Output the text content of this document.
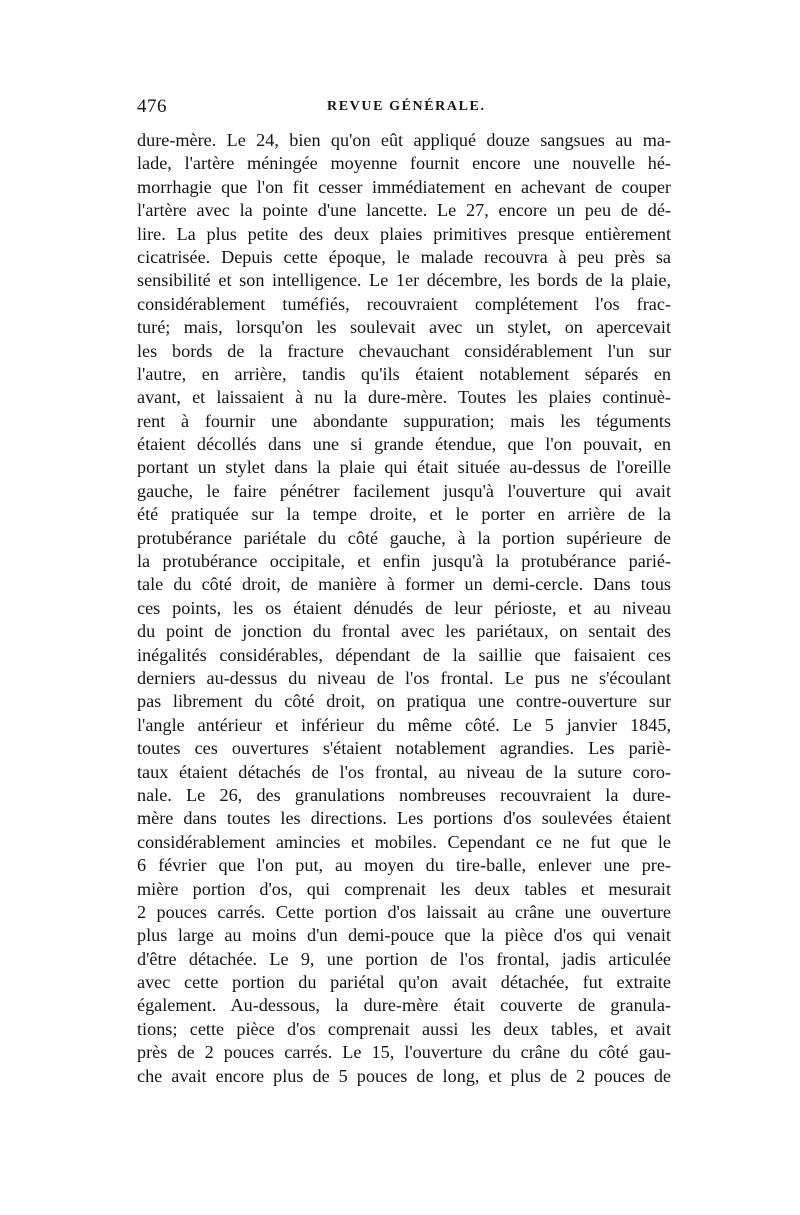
476	REVUE GÉNÉRALE.
dure-mère. Le 24, bien qu'on eût appliqué douze sangsues au ma-
lade, l'artère méningée moyenne fournit encore une nouvelle hé-
morrhagie que l'on fit cesser immédiatement en achevant de couper
l'artère avec la pointe d'une lancette. Le 27, encore un peu de dé-
lire. La plus petite des deux plaies primitives presque entièrement
cicatrisée. Depuis cette époque, le malade recouvra à peu près sa
sensibilité et son intelligence. Le 1er décembre, les bords de la plaie,
considérablement tuméfiés, recouvraient complétement l'os frac-
turé; mais, lorsqu'on les soulevait avec un stylet, on apercevait
les bords de la fracture chevauchant considérablement l'un sur
l'autre, en arrière, tandis qu'ils étaient notablement séparés en
avant, et laissaient à nu la dure-mère. Toutes les plaies continuè-
rent à fournir une abondante suppuration; mais les téguments
étaient décollés dans une si grande étendue, que l'on pouvait, en
portant un stylet dans la plaie qui était située au-dessus de l'oreille
gauche, le faire pénétrer facilement jusqu'à l'ouverture qui avait
été pratiquée sur la tempe droite, et le porter en arrière de la
protubérance pariétale du côté gauche, à la portion supérieure de
la protubérance occipitale, et enfin jusqu'à la protubérance parié-
tale du côté droit, de manière à former un demi-cercle. Dans tous
ces points, les os étaient dénudés de leur périoste, et au niveau
du point de jonction du frontal avec les pariétaux, on sentait des
inégalités considérables, dépendant de la saillie que faisaient ces
derniers au-dessus du niveau de l'os frontal. Le pus ne s'écoulant
pas librement du côté droit, on pratiqua une contre-ouverture sur
l'angle antérieur et inférieur du même côté. Le 5 janvier 1845,
toutes ces ouvertures s'étaient notablement agrandies. Les pariè-
taux étaient détachés de l'os frontal, au niveau de la suture coro-
nale. Le 26, des granulations nombreuses recouvraient la dure-
mère dans toutes les directions. Les portions d'os soulevées étaient
considérablement amincies et mobiles. Cependant ce ne fut que le
6 février que l'on put, au moyen du tire-balle, enlever une pre-
mière portion d'os, qui comprenait les deux tables et mesurait
2 pouces carrés. Cette portion d'os laissait au crâne une ouverture
plus large au moins d'un demi-pouce que la pièce d'os qui venait
d'être détachée. Le 9, une portion de l'os frontal, jadis articulée
avec cette portion du pariétal qu'on avait détachée, fut extraite
également. Au-dessous, la dure-mère était couverte de granula-
tions; cette pièce d'os comprenait aussi les deux tables, et avait
près de 2 pouces carrés. Le 15, l'ouverture du crâne du côté gau-
che avait encore plus de 5 pouces de long, et plus de 2 pouces de
